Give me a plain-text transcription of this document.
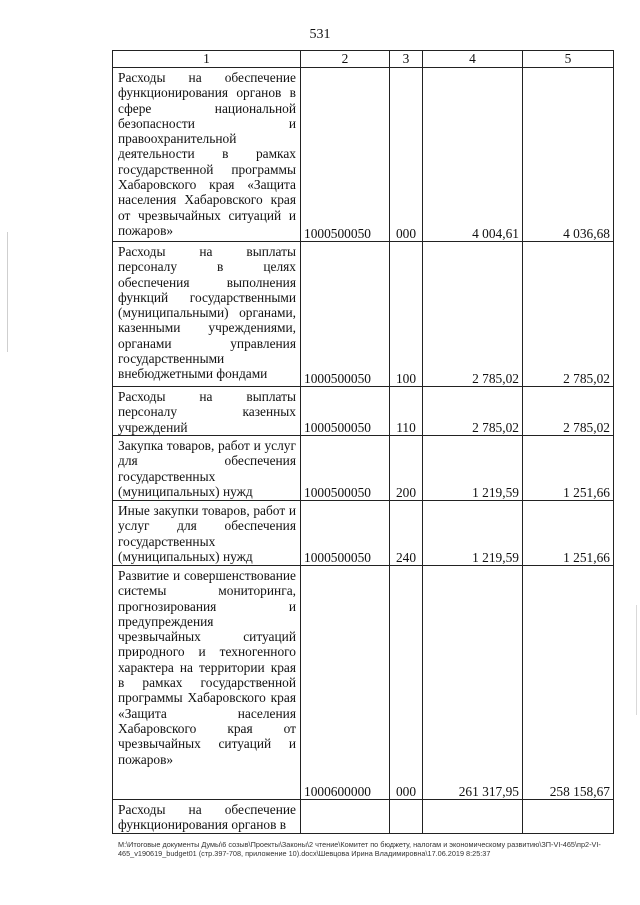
531
1	2	3	4	5
Расходы на обеспечение функционирования органов в сфере национальной безопасности и правоохранительной деятельности в рамках государственной программы Хабаровского края «Защита населения Хабаровского края от чрезвычайных ситуаций и пожаров»	1000500050	000	4 004,61	4 036,68
Расходы на выплаты персоналу в целях обеспечения выполнения функций государственными (муниципальными) органами, казенными учреждениями, органами управления государственными внебюджетными фондами	1000500050	100	2 785,02	2 785,02
Расходы на выплаты персоналу казенных учреждений	1000500050	110	2 785,02	2 785,02
Закупка товаров, работ и услуг для обеспечения государственных (муниципальных) нужд	1000500050	200	1 219,59	1 251,66
Иные закупки товаров, работ и услуг для обеспечения государственных (муниципальных) нужд	1000500050	240	1 219,59	1 251,66
Развитие и совершенствование системы мониторинга, прогнозирования и предупреждения чрезвычайных ситуаций природного и техногенного характера на территории края в рамках государственной программы Хабаровского края «Защита населения Хабаровского края от чрезвычайных ситуаций и пожаров»	1000600000	000	261 317,95	258 158,67
Расходы на обеспечение функционирования органов в				
M:\Итоговые документы Думы\6 созыв\Проекты\Законы\2 чтение\Комитет по бюджету, налогам и экономическому развитию\ЗП-VI-465\пр2-VI-465_v190619_budget01 (стр.397-708, приложение 10).docx\Шевцова Ирина Владимировна\17.06.2019 8:25:37
